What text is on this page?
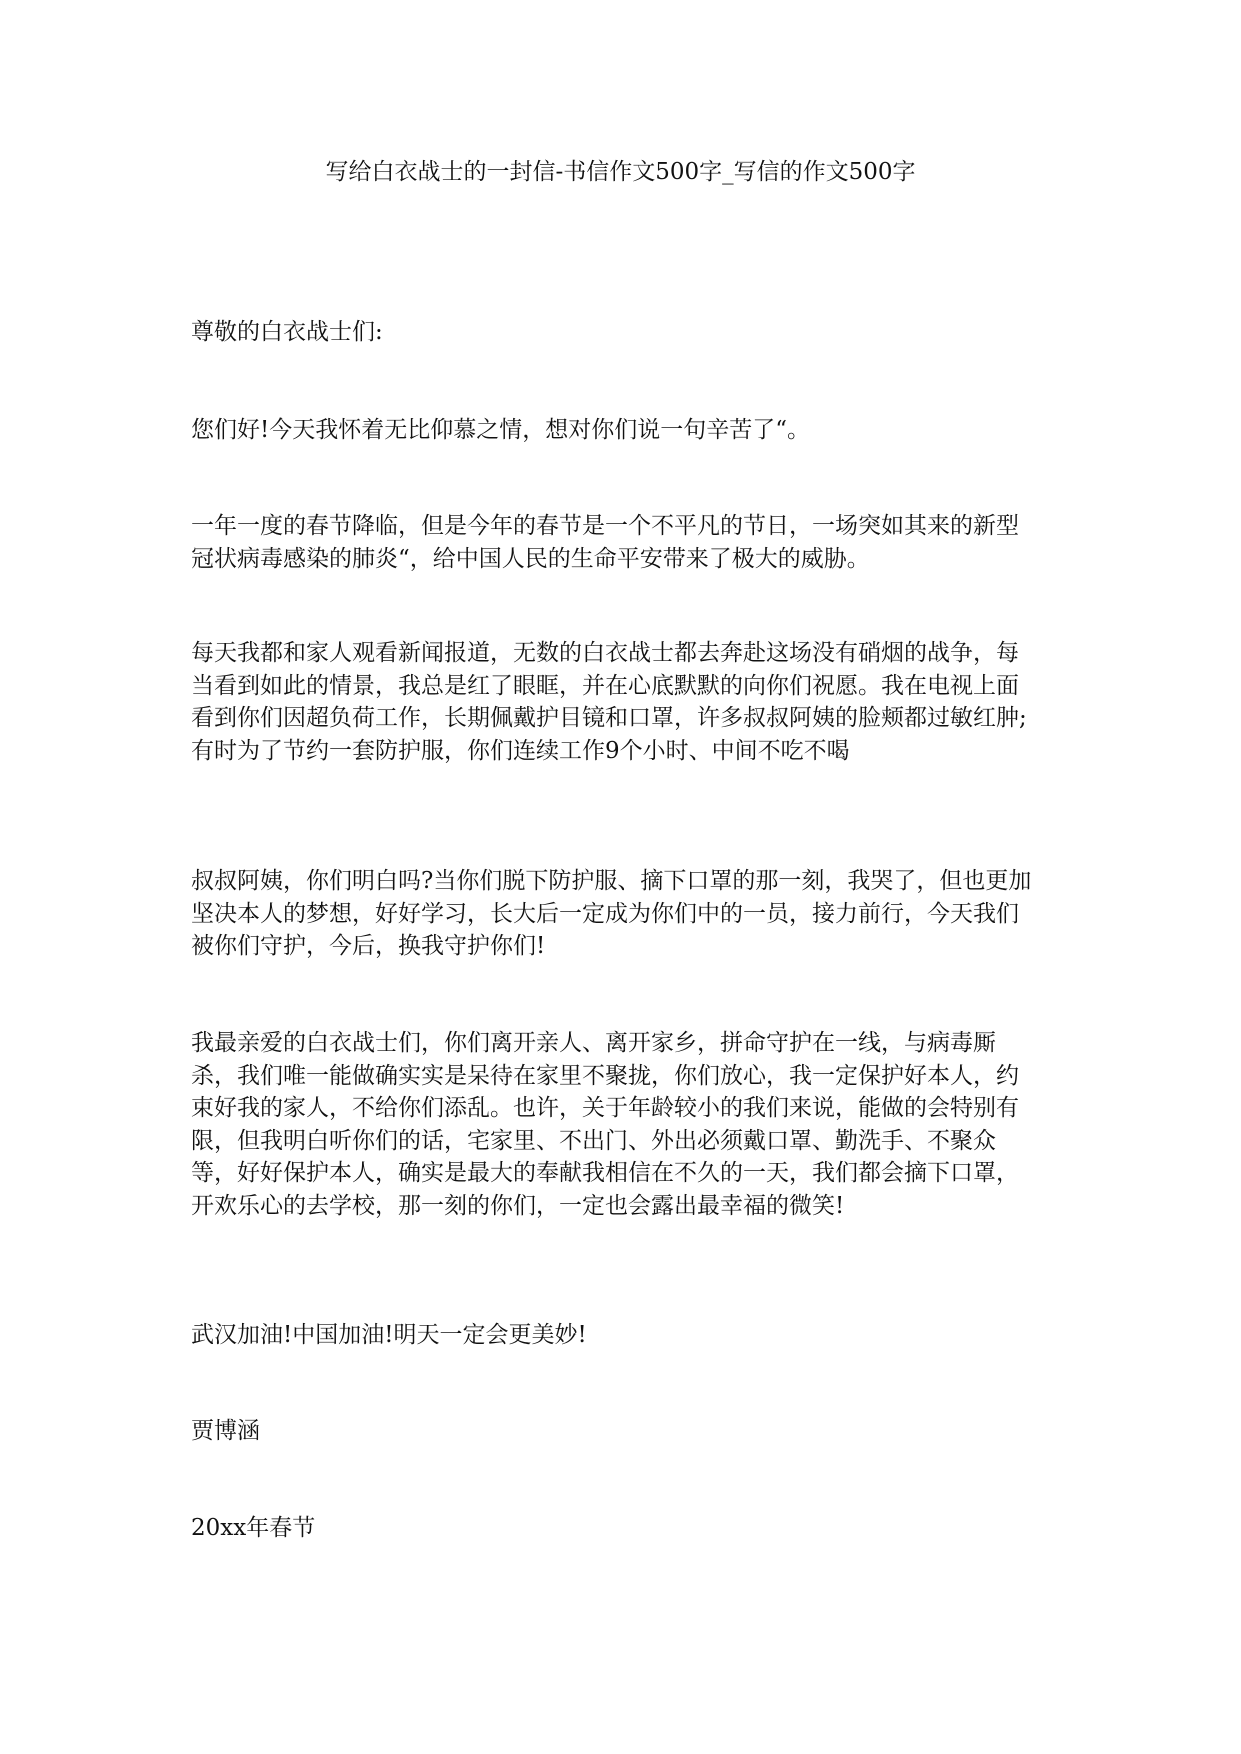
写给白衣战士的一封信-书信作文500字_写信的作文500字

尊敬的白衣战士们:

您们好!今天我怀着无比仰慕之情，想对你们说一句辛苦了“。

一年一度的春节降临，但是今年的春节是一个不平凡的节日，一场突如其来的新型冠状病毒感染的肺炎“，给中国人民的生命平安带来了极大的威胁。

每天我都和家人观看新闻报道，无数的白衣战士都去奔赴这场没有硝烟的战争，每当看到如此的情景，我总是红了眼眶，并在心底默默的向你们祝愿。我在电视上面看到你们因超负荷工作，长期佩戴护目镜和口罩，许多叔叔阿姨的脸颊都过敏红肿;有时为了节约一套防护服，你们连续工作9个小时、中间不吃不喝

叔叔阿姨，你们明白吗?当你们脱下防护服、摘下口罩的那一刻，我哭了，但也更加坚决本人的梦想，好好学习，长大后一定成为你们中的一员，接力前行，今天我们被你们守护，今后，换我守护你们!

我最亲爱的白衣战士们，你们离开亲人、离开家乡，拼命守护在一线，与病毒厮杀，我们唯一能做确实实是呆待在家里不聚拢，你们放心，我一定保护好本人，约束好我的家人，不给你们添乱。也许，关于年龄较小的我们来说，能做的会特别有限，但我明白听你们的话，宅家里、不出门、外出必须戴口罩、勤洗手、不聚众等，好好保护本人，确实是最大的奉献我相信在不久的一天，我们都会摘下口罩，开欢乐心的去学校，那一刻的你们，一定也会露出最幸福的微笑!

武汉加油!中国加油!明天一定会更美妙!

贾博涵

20xx年春节
